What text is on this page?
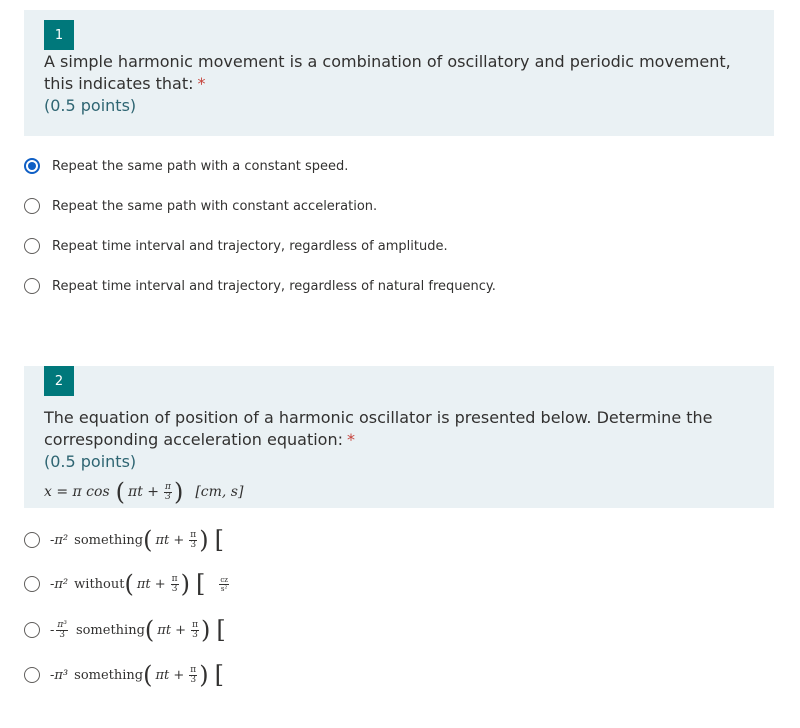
1
A simple harmonic movement is a combination of oscillatory and periodic movement, this indicates that: *
(0.5 points)
Repeat the same path with a constant speed.
Repeat the same path with constant acceleration.
Repeat time interval and trajectory, regardless of amplitude.
Repeat time interval and trajectory, regardless of natural frequency.
2
The equation of position of a harmonic oscillator is presented below. Determine the corresponding acceleration equation: *
(0.5 points)
x = π cos ( $\pi t + \frac{\pi}{3}$ ) [cm, s]
-π² something ( $\pi t + \frac{\pi}{3}$ ) [
-π² without ( $\pi t + \frac{\pi}{3}$ ) [ $\frac{cz}{\text{s²}}$
- $\frac{\text{π³}}{3}$ something ( $\pi t + \frac{\pi}{3}$ ) [
-π³ something ( $\pi t + \frac{\pi}{3}$ ) [
